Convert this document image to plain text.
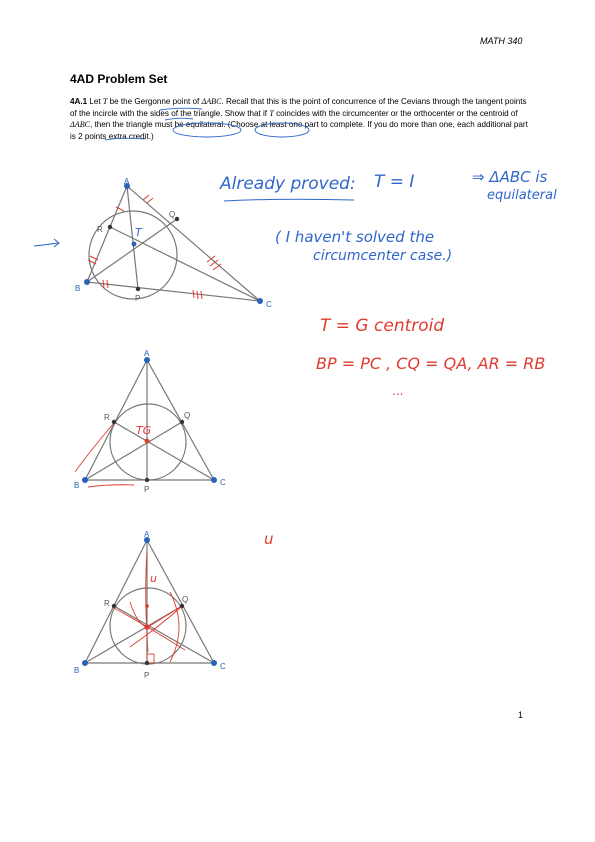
MATH 340
4AD Problem Set
4A.1 Let T be the Gergonne point of ΔABC. Recall that this is the point of concurrence of the Cevians through the tangent points of the incircle with the sides of the triangle. Show that if T coincides with the circumcenter or the orthocenter or the centroid of ΔABC, then the triangle must be equilateral. (Choose at least one part to complete. If you do more than one, each additional part is 2 points extra credit.)
A
B
C
P
Q
R	T
A
B	C
P
Q
R
TG
A
B	C
P
Q
R
u
Already proved: T = I	⇒ ΔABC is
equilateral
( I haven't solved the
circumcenter case.)
T = G centroid
BP = PC , CQ = QA, AR = RB
...
u
1
